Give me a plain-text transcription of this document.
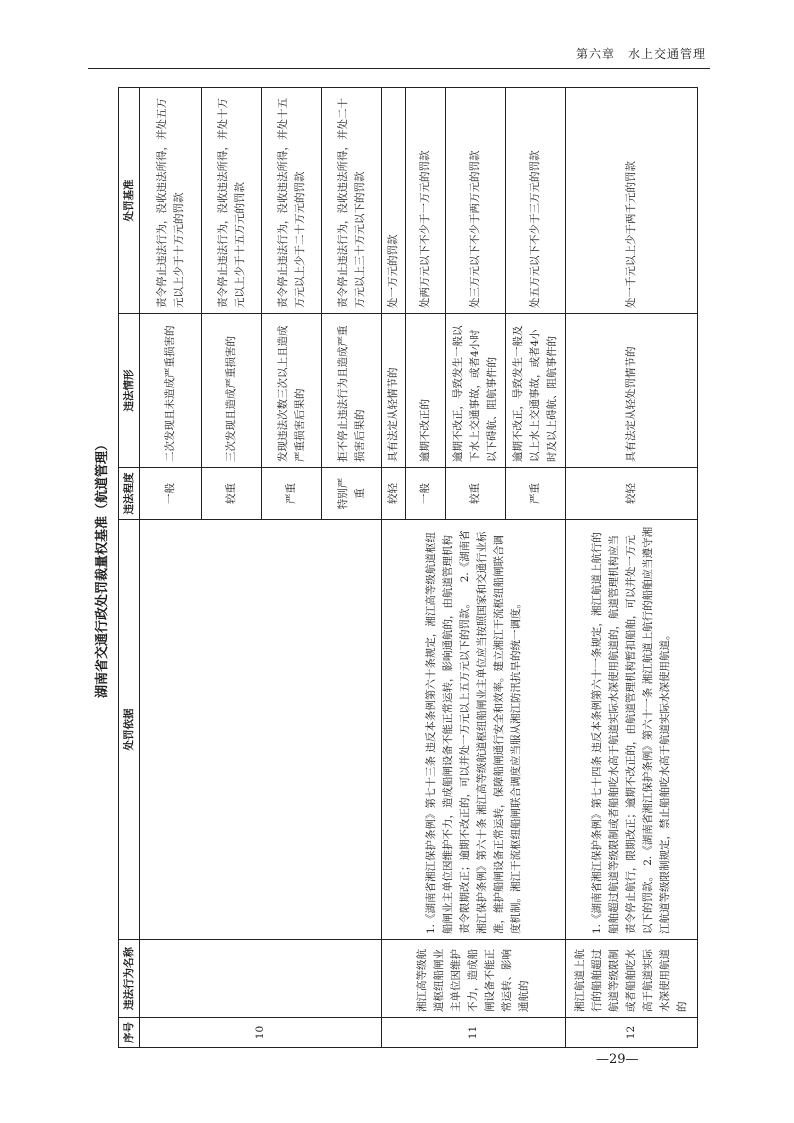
第六章　水上交通管理
湖南省交通行政处罚裁量权基准（航道管理）
序号	违法行为名称	处罚依据	违法程度	违法情形	处罚基准
10			一般	二次发现且未造成严重损害的	责令停止违法行为，没收违法所得，并处五万元以上少于十万元的罚款
			较重	三次发现且造成严重损害的	责令停止违法行为，没收违法所得，并处十万元以上少于十五万元的罚款
			严重	发现违法次数三次以上且造成严重损害后果的	责令停止违法行为，没收违法所得，并处十五万元以上少于二十万元的罚款
			特别严重	拒不停止违法行为且造成严重损害后果的	责令停止违法行为，没收违法所得，并处二十万元以上三十万元以下的罚款
11	湘江高等级航道枢纽船闸业主单位因维护不力，造成船闸设备不能正常运转、影响通航的	1.《湖南省湘江保护条例》第七十三条 违反本条例第六十条规定，湘江高等级航道枢纽船闸业主单位因维护不力，造成船闸设备不能正常运转，影响通航的，由航道管理机构责令限期改正；逾期不改正的，可以并处一万元以上五万元以下的罚款。　　2.《湖南省湘江保护条例》第六十条 湘江高等级航道枢纽船闸业主单位应当按照国家和交通行业标准，维护船闸设备正常运转，保障船闸通行安全和效率。建立湘江干流枢纽船闸联合调度机制。湘江干流枢纽船闸联合调度应当服从湘江防汛抗旱的统一调度。	较轻	具有法定从轻情节的	处一万元的罚款
			一般	逾期不改正的	处两万元以下不少于一万元的罚款
			较重	逾期不改正，导致发生一般以下水上交通事故，或者4小时以下碍航、阻航事件的	处三万元以下不少于两万元的罚款
			严重	逾期不改正，导致发生一般及以上水上交通事故，或者4小时及以上碍航、阻航事件的	处五万元以下不少于三万元的罚款
12	湘江航道上航行的船舶超过航道等级限制或者船舶吃水高于航道实际水深使用航道的	1.《湖南省湘江保护条例》第七十四条 违反本条例第六十一条规定，湘江航道上航行的船舶超过航道等级限制或者船舶吃水高于航道实际水深使用航道的，航道管理机构应当责令停止航行，限期改正；逾期不改正的，由航道管理机构暂扣船舶，可以并处一万元以下的罚款。　2.《湖南省湘江保护条例》第六十一条 湘江航道上航行的船舶应当遵守湘江航道等级限制规定，禁止船舶吃水高于航道实际水深使用航道。	较轻	具有法定从轻处罚情节的	处一千元以上少于两千元的罚款
—29—
